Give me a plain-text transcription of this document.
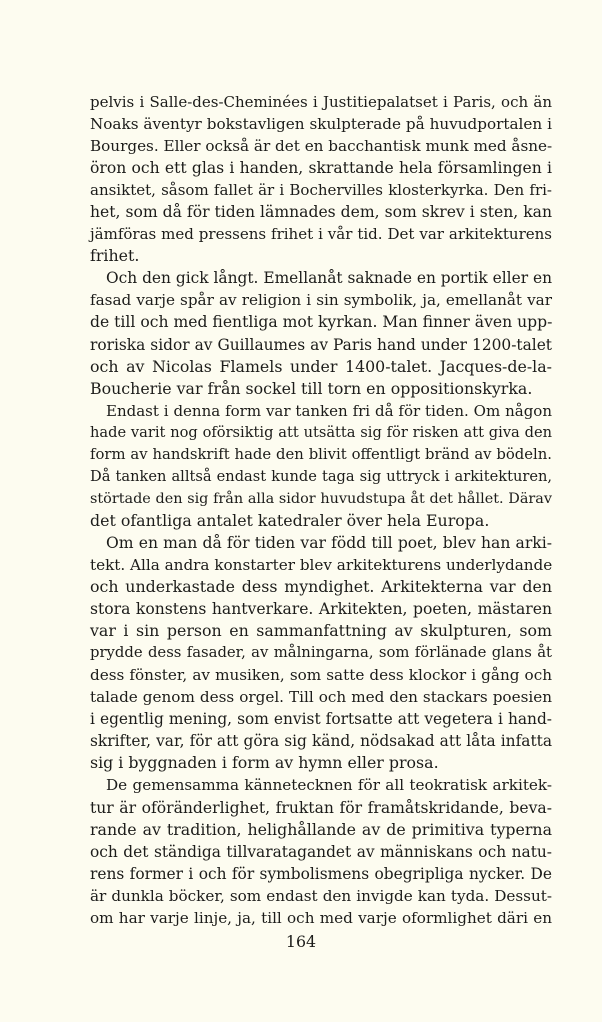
pelvis i Salle-des-Cheminées i Justitiepalatset i Paris, och än
Noaks äventyr bokstavligen skulpterade på huvudportalen i
Bourges. Eller också är det en bacchantisk munk med åsne-
öron och ett glas i handen, skrattande hela församlingen i
ansiktet, såsom fallet är i Bochervilles klosterkyrka. Den fri-
het, som då för tiden lämnades dem, som skrev i sten, kan
jämföras med pressens frihet i vår tid. Det var arkitekturens
frihet.
Och den gick långt. Emellanåt saknade en portik eller en
fasad varje spår av religion i sin symbolik, ja, emellanåt var
de till och med fientliga mot kyrkan. Man finner även upp-
roriska sidor av Guillaumes av Paris hand under 1200-talet
och av Nicolas Flamels under 1400-talet. Jacques-de-la-
Boucherie var från sockel till torn en oppositionskyrka.
Endast i denna form var tanken fri då för tiden. Om någon
hade varit nog oförsiktig att utsätta sig för risken att giva den
form av handskrift hade den blivit offentligt bränd av bödeln.
Då tanken alltså endast kunde taga sig uttryck i arkitekturen,
störtade den sig från alla sidor huvudstupa åt det hållet. Därav
det ofantliga antalet katedraler över hela Europa.
Om en man då för tiden var född till poet, blev han arki-
tekt. Alla andra konstarter blev arkitekturens underlydande
och underkastade dess myndighet. Arkitekterna var den
stora konstens hantverkare. Arkitekten, poeten, mästaren
var i sin person en sammanfattning av skulpturen, som
prydde dess fasader, av målningarna, som förlänade glans åt
dess fönster, av musiken, som satte dess klockor i gång och
talade genom dess orgel. Till och med den stackars poesien
i egentlig mening, som envist fortsatte att vegetera i hand-
skrifter, var, för att göra sig känd, nödsakad att låta infatta
sig i byggnaden i form av hymn eller prosa.
De gemensamma kännetecknen för all teokratisk arkitek-
tur är oföränderlighet, fruktan för framåtskridande, beva-
rande av tradition, helighållande av de primitiva typerna
och det ständiga tillvaratagandet av människans och natu-
rens former i och för symbolismens obegripliga nycker. De
är dunkla böcker, som endast den invigde kan tyda. Dessut-
om har varje linje, ja, till och med varje oformlighet däri en
164
